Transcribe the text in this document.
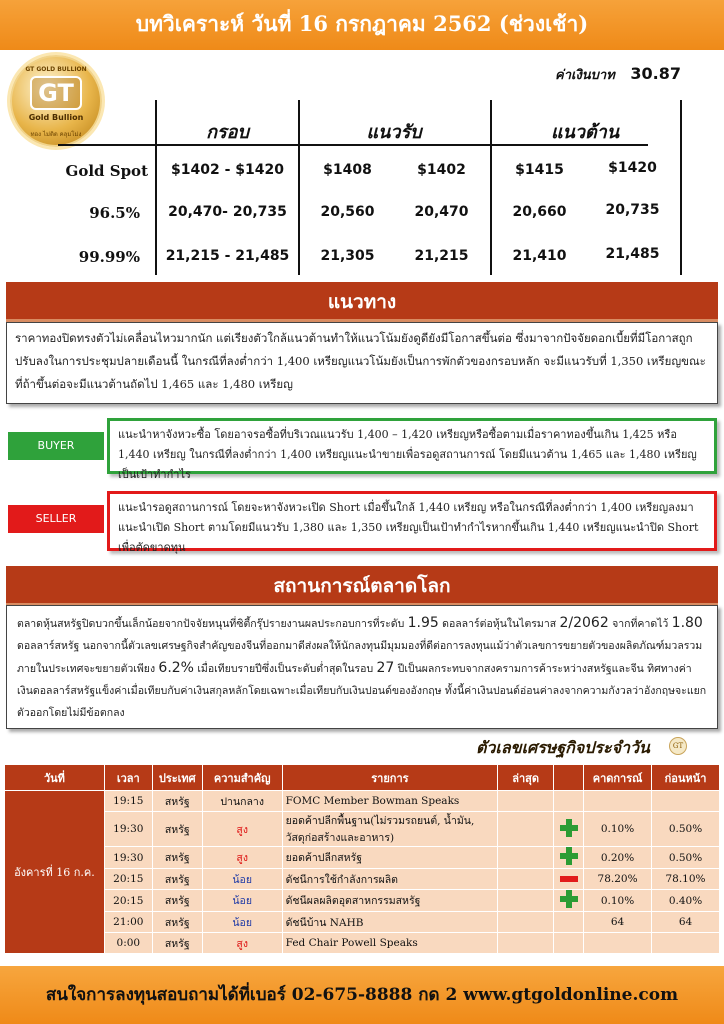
บทวิเคราะห์ วันที่ 16 กรกฎาคม 2562 (ช่วงเช้า)
GT GOLD BULLION
GT
Gold Bullion
ทอง ไม่ติด คลุมโม่ง
ค่าเงินบาท 30.87
กรอบ	แนวรับ	แนวต้าน
Gold Spot	$1402 - $1420	$1408	$1402	$1415	$1420
96.5%	20,470- 20,735	20,560	20,470	20,660	20,735
99.99%	21,215 - 21,485	21,305	21,215	21,410	21,485
แนวทาง
ราคาทองปิดทรงตัวไม่เคลื่อนไหวมากนัก แต่เรียงตัวใกล้แนวต้านทำให้แนวโน้มยังดูดียังมีโอกาสขึ้นต่อ ซึ่งมาจากปัจจัยดอกเบี้ยที่มีโอกาสถูกปรับลงในการประชุมปลายเดือนนี้ ในกรณีที่ลงต่ำกว่า 1,400 เหรียญแนวโน้มยังเป็นการพักตัวของกรอบหลัก จะมีแนวรับที่ 1,350 เหรียญขณะที่ถ้าขึ้นต่อจะมีแนวต้านถัดไป 1,465 และ 1,480 เหรียญ
BUYER
แนะนำหาจังหวะซื้อ โดยอาจรอซื้อที่บริเวณแนวรับ 1,400 – 1,420 เหรียญหรือซื้อตามเมื่อราคาทองขึ้นเกิน 1,425 หรือ 1,440 เหรียญ ในกรณีที่ลงต่ำกว่า 1,400 เหรียญแนะนำขายเพื่อรอดูสถานการณ์ โดยมีแนวต้าน 1,465 และ 1,480 เหรียญเป็นเป้าทำกำไร
SELLER
แนะนำรอดูสถานการณ์ โดยจะหาจังหวะเปิด Short เมื่อขึ้นใกล้ 1,440 เหรียญ หรือในกรณีที่ลงต่ำกว่า 1,400 เหรียญลงมาแนะนำเปิด Short ตามโดยมีแนวรับ 1,380 และ 1,350 เหรียญเป็นเป้าทำกำไรหากขึ้นเกิน 1,440 เหรียญแนะนำปิด Short เพื่อตัดขาดทุน
สถานการณ์ตลาดโลก
ตลาดหุ้นสหรัฐปิดบวกขึ้นเล็กน้อยจากปัจจัยหนุนที่ซิตี้กรุ๊ปรายงานผลประกอบการที่ระดับ 1.95 ดอลลาร์ต่อหุ้นในไตรมาส 2/2062 จากที่คาดไว้ 1.80 ดอลลาร์สหรัฐ นอกจากนี้ตัวเลขเศรษฐกิจสำคัญของจีนที่ออกมาดีส่งผลให้นักลงทุนมีมุมมองที่ดีต่อการลงทุนแม้ว่าตัวเลขการขยายตัวของผลิตภัณฑ์มวลรวมภายในประเทศจะขยายตัวเพียง 6.2% เมื่อเทียบรายปีซึ่งเป็นระดับต่ำสุดในรอบ 27 ปีเป็นผลกระทบจากสงครามการค้าระหว่างสหรัฐและจีน ทิศทางค่าเงินดอลลาร์สหรัฐแข็งค่าเมื่อเทียบกับค่าเงินสกุลหลักโดยเฉพาะเมื่อเทียบกับเงินปอนด์ของอังกฤษ ทั้งนี้ค่าเงินปอนด์อ่อนค่าลงจากความกังวลว่าอังกฤษจะแยกตัวออกโดยไม่มีข้อตกลง
ตัวเลขเศรษฐกิจประจำวัน	GT
วันที่	เวลา	ประเทศ	ความสำคัญ	รายการ	ล่าสุด		คาดการณ์	ก่อนหน้า
อังคารที่ 16 ก.ค.	19:15	สหรัฐ	ปานกลาง	FOMC Member Bowman Speaks				
	19:30	สหรัฐ	สูง	ยอดค้าปลีกพื้นฐาน(ไม่รวมรถยนต์, น้ำมัน, วัสดุก่อสร้างและอาหาร)			0.10%	0.50%
	19:30	สหรัฐ	สูง	ยอดค้าปลีกสหรัฐ			0.20%	0.50%
	20:15	สหรัฐ	น้อย	ดัชนีการใช้กำลังการผลิต			78.20%	78.10%
	20:15	สหรัฐ	น้อย	ดัชนีผลผลิตอุตสาหกรรมสหรัฐ			0.10%	0.40%
	21:00	สหรัฐ	น้อย	ดัชนีบ้าน NAHB			64	64
	0:00	สหรัฐ	สูง	Fed Chair Powell Speaks				
สนใจการลงทุนสอบถามได้ที่เบอร์ 02-675-8888 กด 2 www.gtgoldonline.com
